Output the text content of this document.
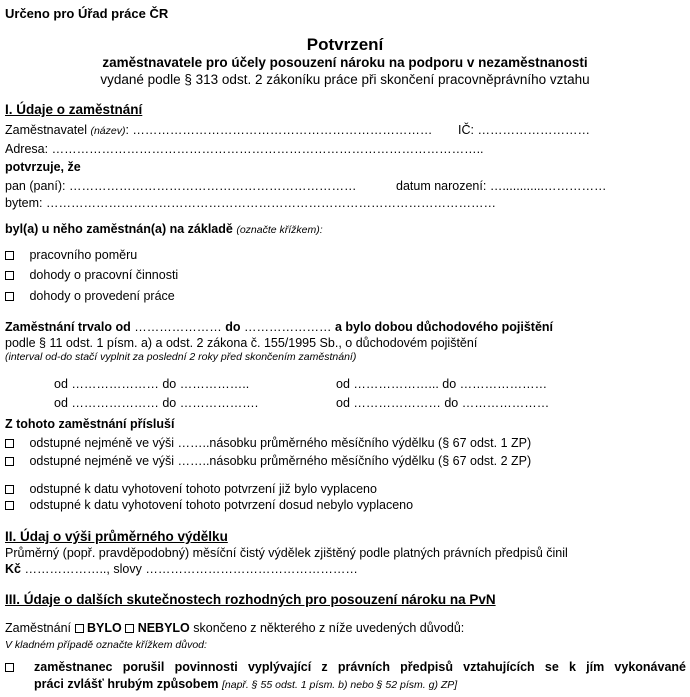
Určeno pro Úřad práce ČR
Potvrzení
zaměstnavatele pro účely posouzení nároku na podporu v nezaměstnanosti
vydané podle § 313 odst. 2 zákoníku práce při skončení pracovněprávního vztahu
I. Údaje o zaměstnání
Zaměstnavatel (název): ……………………………………………………………… IČ: ………………………
Adresa: …………………………………………………………………………………………..
potvrzuje, že
pan (paní): ……………………………………………………………	datum narození: …............……………
bytem: ………………………………………………………………………………………………
byl(a) u něho zaměstnán(a) na základě (označte křížkem):
pracovního poměru
dohody o pracovní činnosti
dohody o provedení práce
Zaměstnání trvalo od ………………… do ………………… a bylo dobou důchodového pojištění
podle § 11 odst. 1 písm. a) a odst. 2 zákona č. 155/1995 Sb., o důchodovém pojištění
(interval od-do stačí vyplnit za poslední 2 roky před skončením zaměstnání)
od ………………… do ……………..	od ………………... do …………………
od ………………… do ……………….	od ………………… do …………………
Z tohoto zaměstnání přísluší
odstupné nejméně ve výši ……..násobku průměrného měsíčního výdělku (§ 67 odst. 1 ZP)
odstupné nejméně ve výši ……..násobku průměrného měsíčního výdělku (§ 67 odst. 2 ZP)
odstupné k datu vyhotovení tohoto potvrzení již bylo vyplaceno
odstupné k datu vyhotovení tohoto potvrzení dosud nebylo vyplaceno
II. Údaj o výši průměrného výdělku
Průměrný (popř. pravděpodobný) měsíční čistý výdělek zjištěný podle platných právních předpisů činil
Kč ……………….., slovy ……………………………………………
III. Údaje o dalších skutečnostech rozhodných pro posouzení nároku na PvN
Zaměstnání BYLO NEBYLO skončeno z některého z níže uvedených důvodů:
V kladném případě označte křížkem důvod:
zaměstnanec porušil povinnosti vyplývající z právních předpisů vztahujících se k jím vykonávané
práci zvlášť hrubým způsobem [např. § 55 odst. 1 písm. b) nebo § 52 písm. g) ZP]
